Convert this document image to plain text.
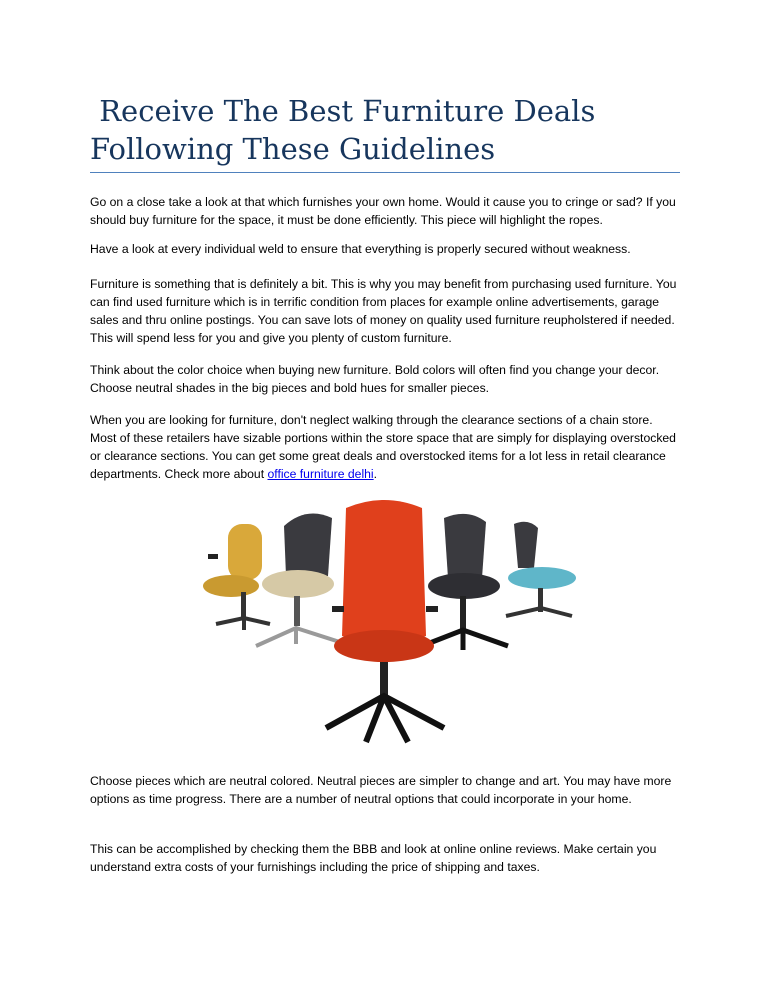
Receive The Best Furniture Deals
Following These Guidelines

Go on a close take a look at that which furnishes your own home. Would it cause you to cringe or sad? If you should buy furniture for the space, it must be done efficiently. This piece will highlight the ropes.

Have a look at every individual weld to ensure that everything is properly secured without weakness.

Furniture is something that is definitely a bit. This is why you may benefit from purchasing used furniture. You can find used furniture which is in terrific condition from places for example online advertisements, garage sales and thru online postings. You can save lots of money on quality used furniture reupholstered if needed. This will spend less for you and give you plenty of custom furniture.

Think about the color choice when buying new furniture. Bold colors will often find you change your decor. Choose neutral shades in the big pieces and bold hues for smaller pieces.

When you are looking for furniture, don't neglect walking through the clearance sections of a chain store. Most of these retailers have sizable portions within the store space that are simply for displaying overstocked or clearance sections. You can get some great deals and overstocked items for a lot less in retail clearance departments. Check more about office furniture delhi.

Choose pieces which are neutral colored. Neutral pieces are simpler to change and art. You may have more options as time progress. There are a number of neutral options that could incorporate in your home.

This can be accomplished by checking them the BBB and look at online online reviews. Make certain you understand extra costs of your furnishings including the price of shipping and taxes.
